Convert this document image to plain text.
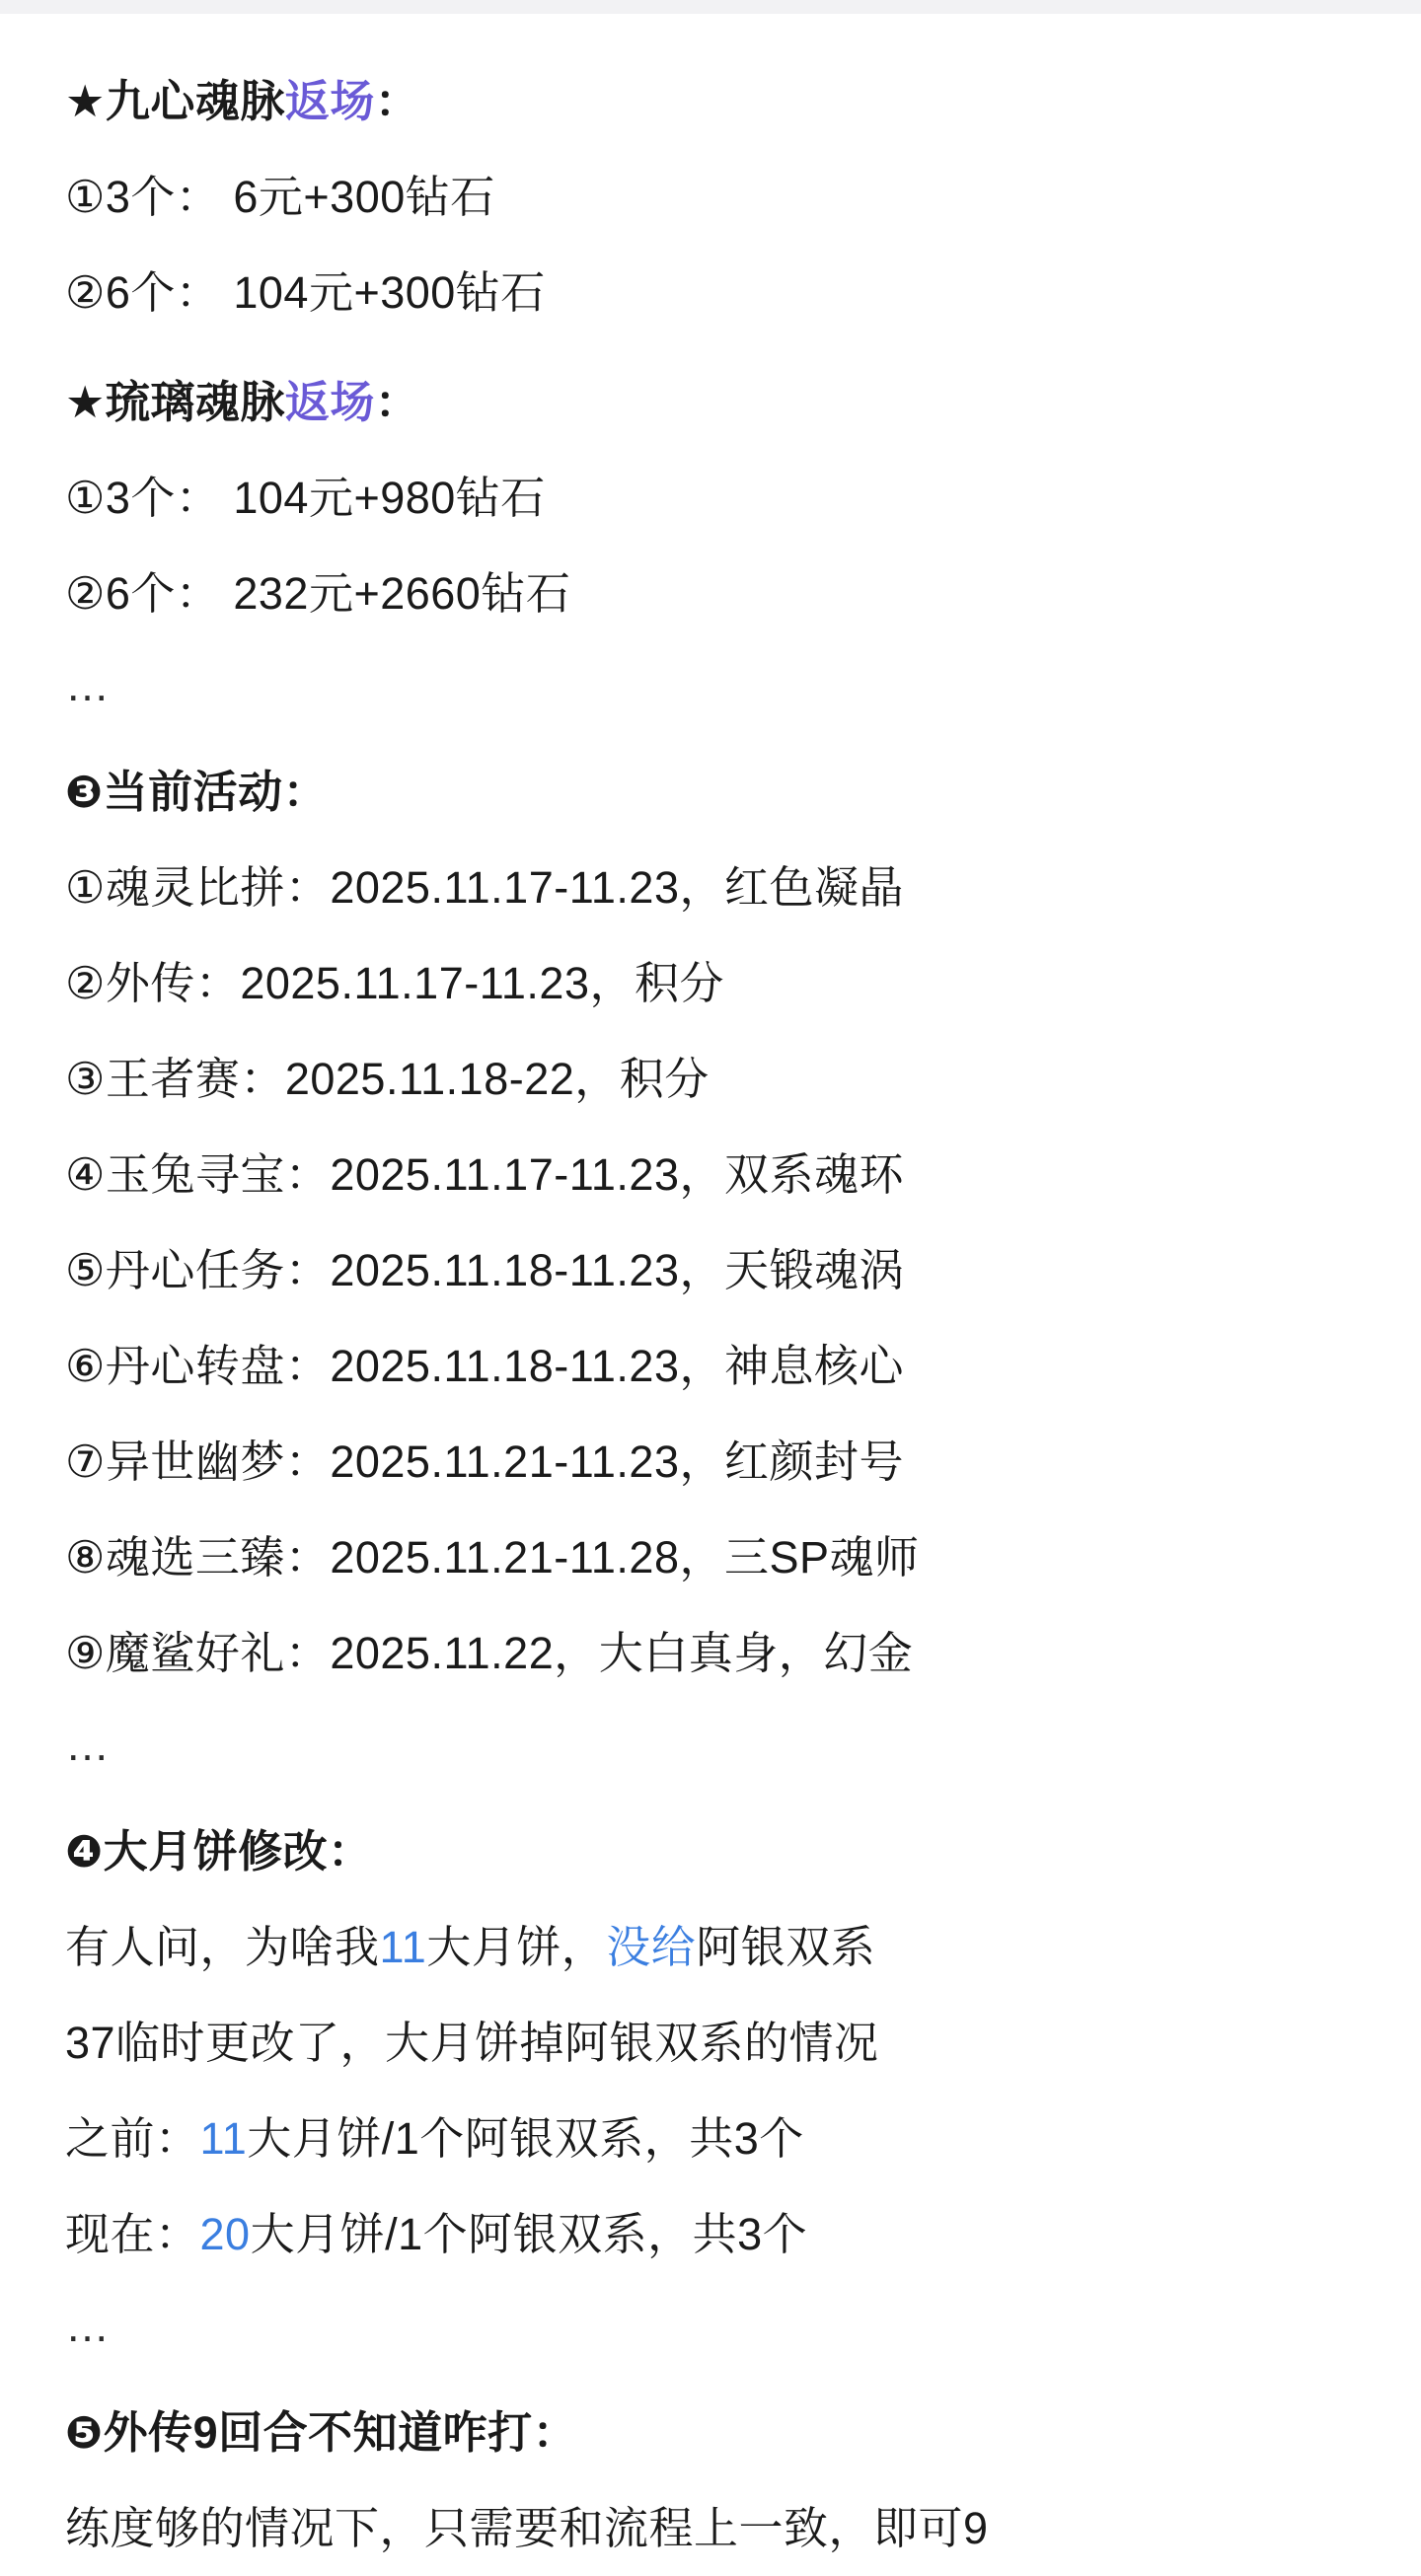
★九心魂脉返场：
①3个： 6元+300钻石
②6个： 104元+300钻石
★琉璃魂脉返场：
①3个： 104元+980钻石
②6个： 232元+2660钻石
…
❸当前活动：
①魂灵比拼：2025.11.17-11.23，红色凝晶
②外传：2025.11.17-11.23，积分
③王者赛：2025.11.18-22，积分
④玉兔寻宝：2025.11.17-11.23，双系魂环
⑤丹心任务：2025.11.18-11.23，天锻魂涡
⑥丹心转盘：2025.11.18-11.23，神息核心
⑦异世幽梦：2025.11.21-11.23，红颜封号
⑧魂选三臻：2025.11.21-11.28，三SP魂师
⑨魔鲨好礼：2025.11.22，大白真身，幻金
…
❹大月饼修改：
有人问，为啥我11大月饼，没给阿银双系
37临时更改了，大月饼掉阿银双系的情况
之前：11大月饼/1个阿银双系，共3个
现在：20大月饼/1个阿银双系，共3个
…
❺外传9回合不知道咋打：
练度够的情况下，只需要和流程上一致，即可9
